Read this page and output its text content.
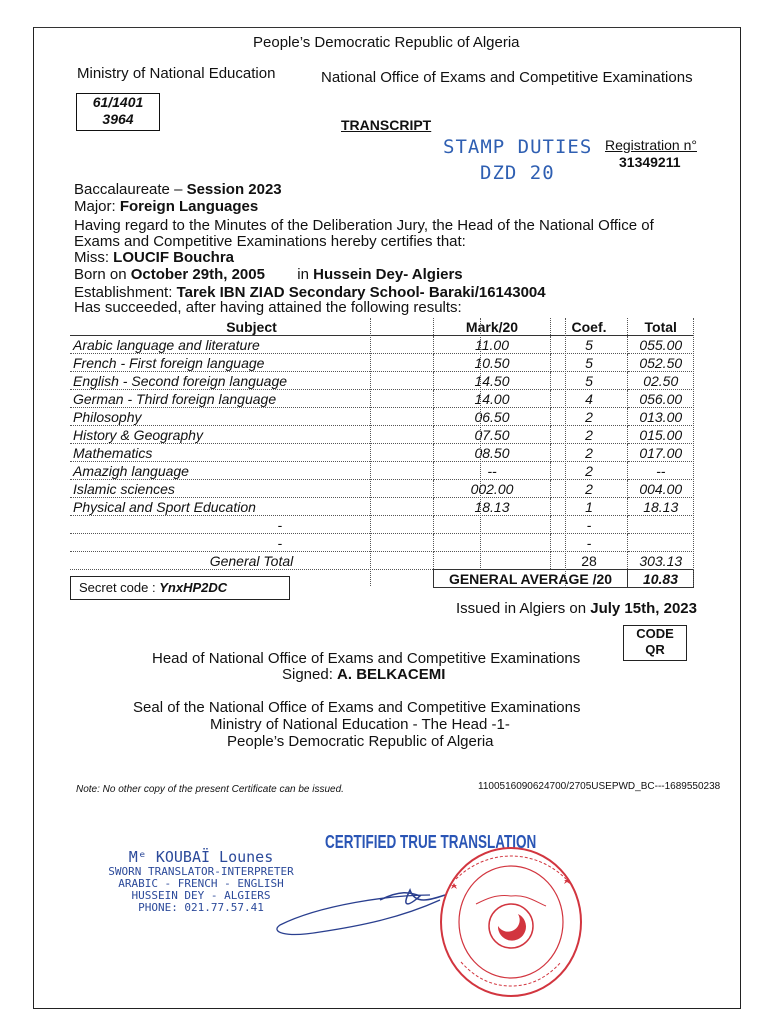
People’s Democratic Republic of Algeria
Ministry of National Education	National Office of Exams and Competitive Examinations
61/1401
3964	TRANSCRIPT
STAMP DUTIES
DZD 20
Registration n°
31349211
Baccalaureate – Session 2023
Major: Foreign Languages
Having regard to the Minutes of the Deliberation Jury, the Head of the National Office of
Exams and Competitive Examinations hereby certifies that:
Miss: LOUCIF Bouchra
Born on October 29th, 2005 in Hussein Dey- Algiers
Establishment: Tarek IBN ZIAD Secondary School- Baraki/16143004
Has succeeded, after having attained the following results:
Subject	Mark/20	Coef.	Total
Arabic language and literature	11.00	5	055.00
French - First foreign language	10.50	5	052.50
English - Second foreign language	14.50	5	02.50
German - Third foreign language	14.00	4	056.00
Philosophy	06.50	2	013.00
History & Geography	07.50	2	015.00
Mathematics	08.50	2	017.00
Amazigh language	--	2	--
Islamic sciences	002.00	2	004.00
Physical and Sport Education	18.13	1	18.13
-		-	
-		-	
General Total		28	303.13
	GENERAL AVERAGE /20		10.83
Secret code : YnxHP2DC
Issued in Algiers on July 15th, 2023
CODE
QR
Head of National Office of Exams and Competitive Examinations
Signed: A. BELKACEMI
Seal of the National Office of Exams and Competitive Examinations
Ministry of National Education - The Head -1-
People’s Democratic Republic of Algeria
Note: No other copy of the present Certificate can be issued.	1100516090624700/2705USEPWD_BC---1689550238
CERTIFIED TRUE TRANSLATION
Mᵉ KOUBAÏ Lounes
SWORN TRANSLATOR-INTERPRETER
ARABIC - FRENCH - ENGLISH
HUSSEIN DEY - ALGIERS
PHONE: 021.77.57.41
